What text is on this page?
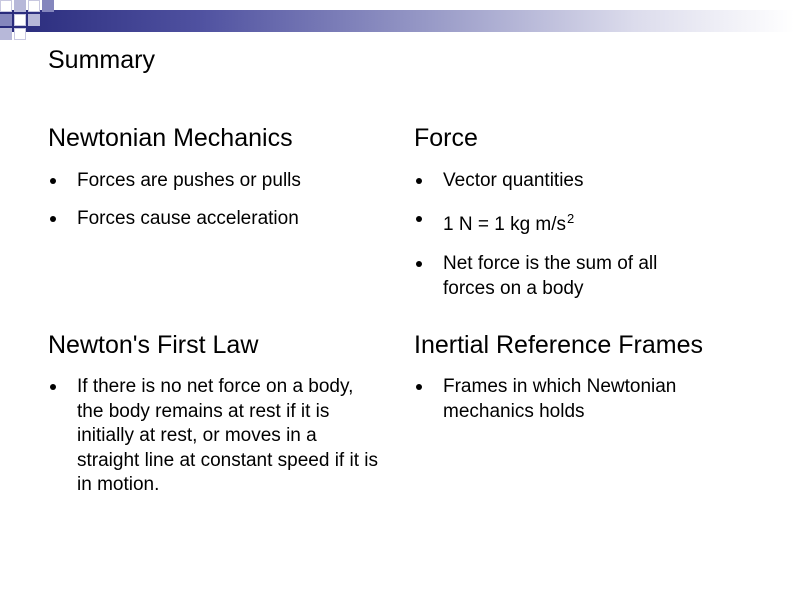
Summary
Newtonian Mechanics
Forces are pushes or pulls
Forces cause acceleration
Force
Vector quantities
1 N = 1 kg $m/s^2$
Net force is the sum of all forces on a body
Newton's First Law
If there is no net force on a body, the body remains at rest if it is initially at rest, or moves in a straight line at constant speed if it is in motion.
Inertial Reference Frames
Frames in which Newtonian mechanics holds
